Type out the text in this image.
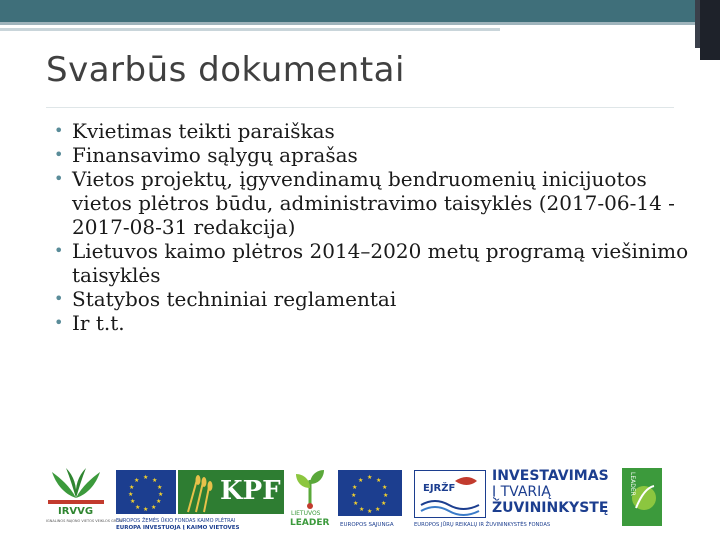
Svarbūs dokumentai
• Kvietimas teikti paraiškas
• Finansavimo sąlygų aprašas
• Vietos projektų, įgyvendinamų bendruomenių inicijuotos vietos plėtros būdu, administravimo taisyklės (2017-06-14 - 2017-08-31 redakcija)
• Lietuvos kaimo plėtros 2014–2020 metų programą viešinimo taisyklės
• Statybos techniniai reglamentai
• Ir t.t.
IRVVG
IGNALINOS RAJONO VIETOS VEIKLOS GRUPĖ
★ ★
★
★
★
★
★
★
★
★
★
★	KPF
EUROPOS ŽEMĖS ŪKIO FONDAS KAIMO PLĖTRAI
EUROPA INVESTUOJA Į KAIMO VIETOVES
LIETUVOS
LEADER
★ ★
★
★
★
★
★
★
★
★
★
★
EUROPOS SĄJUNGA
EJRŽF
INVESTAVIMAS
Į TVARIĄ
ŽUVININKYSTĘ
EUROPOS JŪRŲ REIKALŲ IR ŽUVININKYSTĖS FONDAS
LEADER
